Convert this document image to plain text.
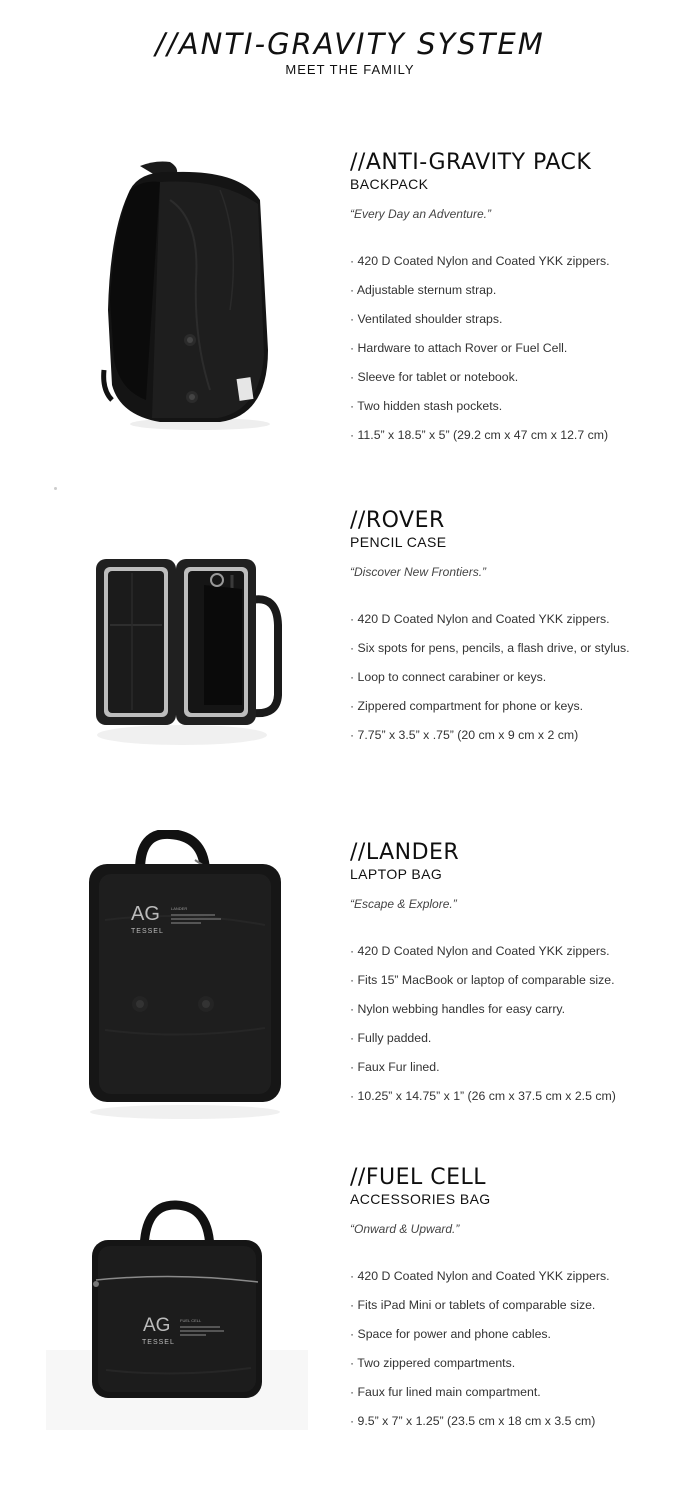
//ANTI-GRAVITY SYSTEM
MEET THE FAMILY
//ANTI-GRAVITY PACK
BACKPACK
“Every Day an Adventure.”
· 420 D Coated Nylon and Coated YKK zippers.
· Adjustable sternum strap.
· Ventilated shoulder straps.
· Hardware to attach Rover or Fuel Cell.
· Sleeve for tablet or notebook.
· Two hidden stash pockets.
· 11.5” x 18.5” x 5” (29.2 cm x 47 cm x 12.7 cm)
//ROVER
PENCIL CASE
“Discover New Frontiers.”
· 420 D Coated Nylon and Coated YKK zippers.
· Six spots for pens, pencils, a flash drive, or stylus.
· Loop to connect carabiner or keys.
· Zippered compartment for phone or keys.
· 7.75” x 3.5” x .75” (20 cm x 9 cm x 2 cm)
AG
TESSEL
LANDER
//LANDER
LAPTOP BAG
“Escape & Explore.”
· 420 D Coated Nylon and Coated YKK zippers.
· Fits 15” MacBook or laptop of comparable size.
· Nylon webbing handles for easy carry.
· Fully padded.
· Faux Fur lined.
· 10.25” x 14.75” x 1” (26 cm x 37.5 cm x 2.5 cm)
AG
TESSEL
FUEL CELL
//FUEL CELL
ACCESSORIES BAG
“Onward & Upward.”
· 420 D Coated Nylon and Coated YKK zippers.
· Fits iPad Mini or tablets of comparable size.
· Space for power and phone cables.
· Two zippered compartments.
· Faux fur lined main compartment.
· 9.5” x 7” x 1.25” (23.5 cm x 18 cm x 3.5 cm)
